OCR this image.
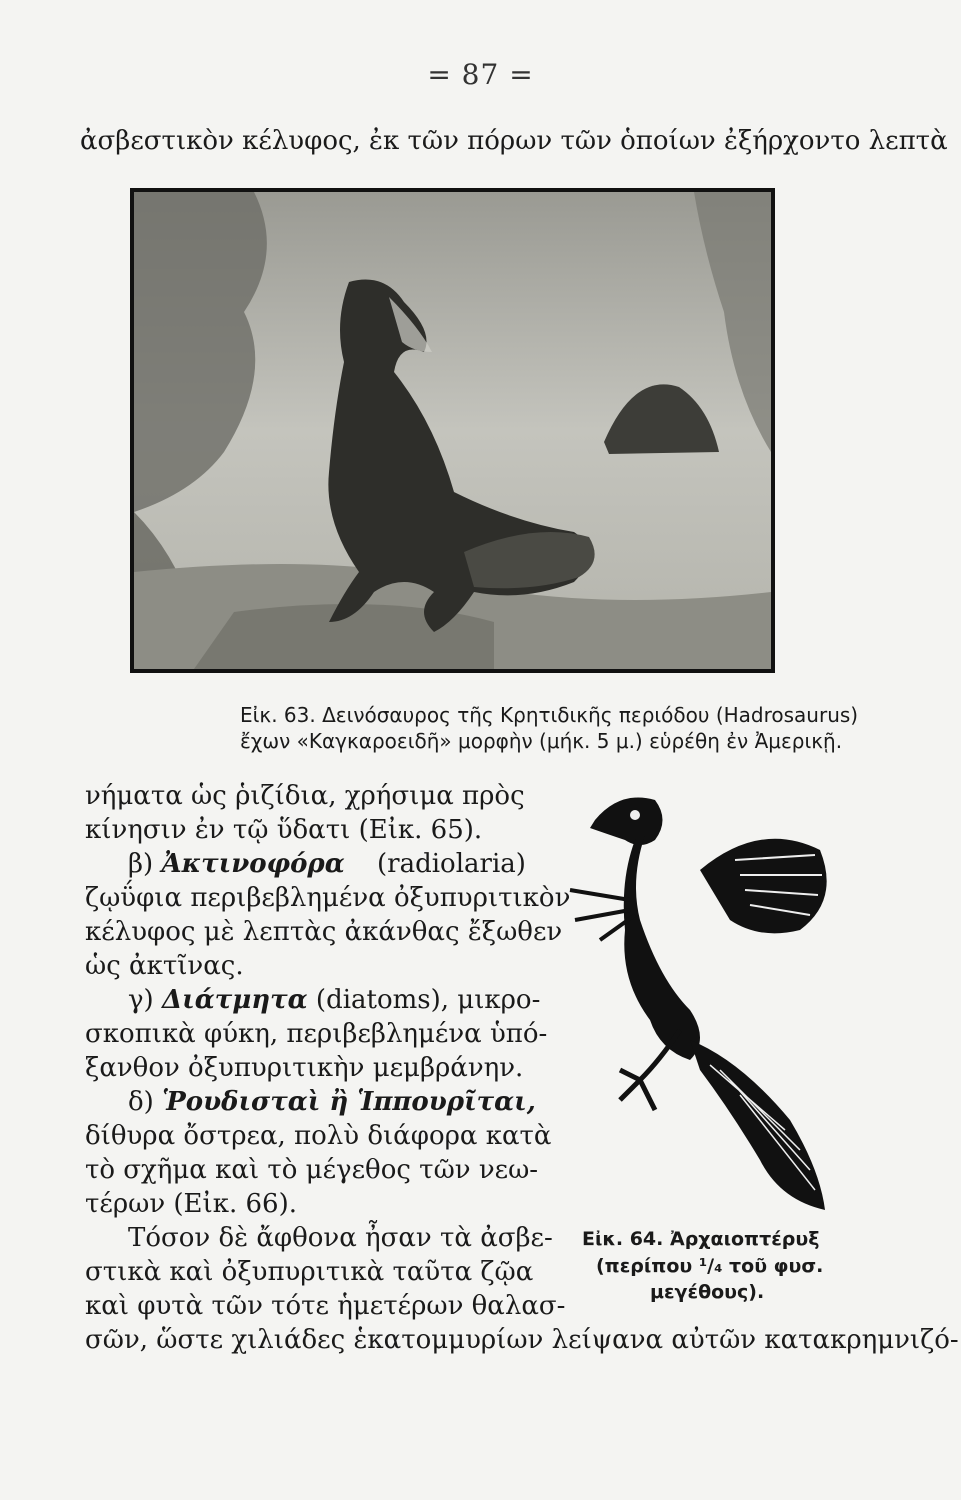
= 87 =
ἀσβεστικὸν κέλυφος, ἐκ τῶν πόρων τῶν ὁποίων ἐξήρχοντο λεπτὰ
Εἰκ. 63. Δεινόσαυρος τῆς Κρητιδικῆς περιόδου (Hadrosaurus)
ἔχων «Καγκαροειδῆ» μορφὴν (μήκ. 5 μ.) εὑρέθη ἐν Ἀμερικῇ.
νήματα ὡς ῥιζίδια, χρήσιμα πρὸς
κίνησιν ἐν τῷ ὕδατι (Εἰκ. 65).
β) Ἀκτινοφόρα (radiolaria)
ζῳΰφια περιβεβλημένα ὀξυπυριτικὸν
κέλυφος μὲ λεπτὰς ἀκάνθας ἔξωθεν
ὡς ἀκτῖνας.
γ) Διάτμητα (diatoms), μικρο-
σκοπικὰ φύκη, περιβεβλημένα ὑπό-
ξανθον ὀξυπυριτικὴν μεμβράνην.
δ) Ῥουδισταὶ ἢ Ἱππουρῖται,
δίθυρα ὄστρεα, πολὺ διάφορα κατὰ
τὸ σχῆμα καὶ τὸ μέγεθος τῶν νεω-
τέρων (Εἰκ. 66).
Τόσον δὲ ἄφθονα ἦσαν τὰ ἀσβε-
στικὰ καὶ ὀξυπυριτικὰ ταῦτα ζῷα
καὶ φυτὰ τῶν τότε ἡμετέρων θαλασ-
σῶν, ὥστε χιλιάδες ἑκατομμυρίων λείψανα αὐτῶν κατακρημνιζό-
Εἰκ. 64. Ἀρχαιοπτέρυξ
(περίπου ¹/₄ τοῦ φυσ.
μεγέθους).
